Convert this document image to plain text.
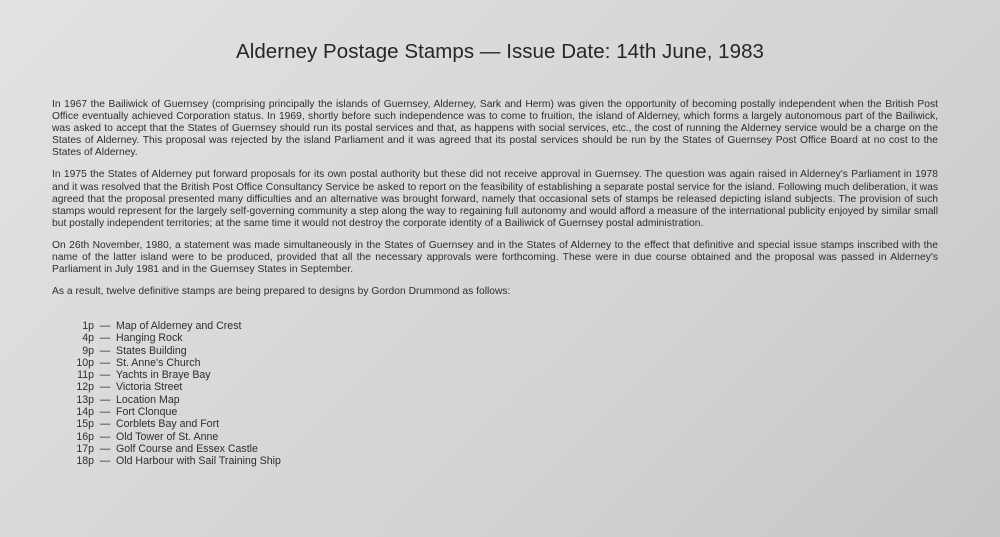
Alderney Postage Stamps — Issue Date: 14th June, 1983

In 1967 the Bailiwick of Guernsey (comprising principally the islands of Guernsey, Alderney, Sark and Herm) was given the opportunity of becoming postally independent when the British Post Office eventually achieved Corporation status. In 1969, shortly before such independence was to come to fruition, the island of Alderney, which forms a largely autonomous part of the Bailiwick, was asked to accept that the States of Guernsey should run its postal services and that, as happens with social services, etc., the cost of running the Alderney service would be a charge on the States of Alderney. This proposal was rejected by the island Parliament and it was agreed that its postal services should be run by the States of Guernsey Post Office Board at no cost to the States of Alderney.

In 1975 the States of Alderney put forward proposals for its own postal authority but these did not receive approval in Guernsey. The question was again raised in Alderney's Parliament in 1978 and it was resolved that the British Post Office Consultancy Service be asked to report on the feasibility of establishing a separate postal service for the island. Following much deliberation, it was agreed that the proposal presented many difficulties and an alternative was brought forward, namely that occasional sets of stamps be released depicting island subjects. The provision of such stamps would represent for the largely self-governing community a step along the way to regaining full autonomy and would afford a measure of the international publicity enjoyed by similar small but postally independent territories; at the same time it would not destroy the corporate identity of a Bailiwick of Guernsey postal administration.

On 26th November, 1980, a statement was made simultaneously in the States of Guernsey and in the States of Alderney to the effect that definitive and special issue stamps inscribed with the name of the latter island were to be produced, provided that all the necessary approvals were forthcoming. These were in due course obtained and the proposal was passed in Alderney's Parliament in July 1981 and in the Guernsey States in September.

As a result, twelve definitive stamps are being prepared to designs by Gordon Drummond as follows:

1p — Map of Alderney and Crest
4p — Hanging Rock
9p — States Building
10p — St. Anne's Church
11p — Yachts in Braye Bay
12p — Victoria Street
13p — Location Map
14p — Fort Clonque
15p — Corblets Bay and Fort
16p — Old Tower of St. Anne
17p — Golf Course and Essex Castle
18p — Old Harbour with Sail Training Ship
